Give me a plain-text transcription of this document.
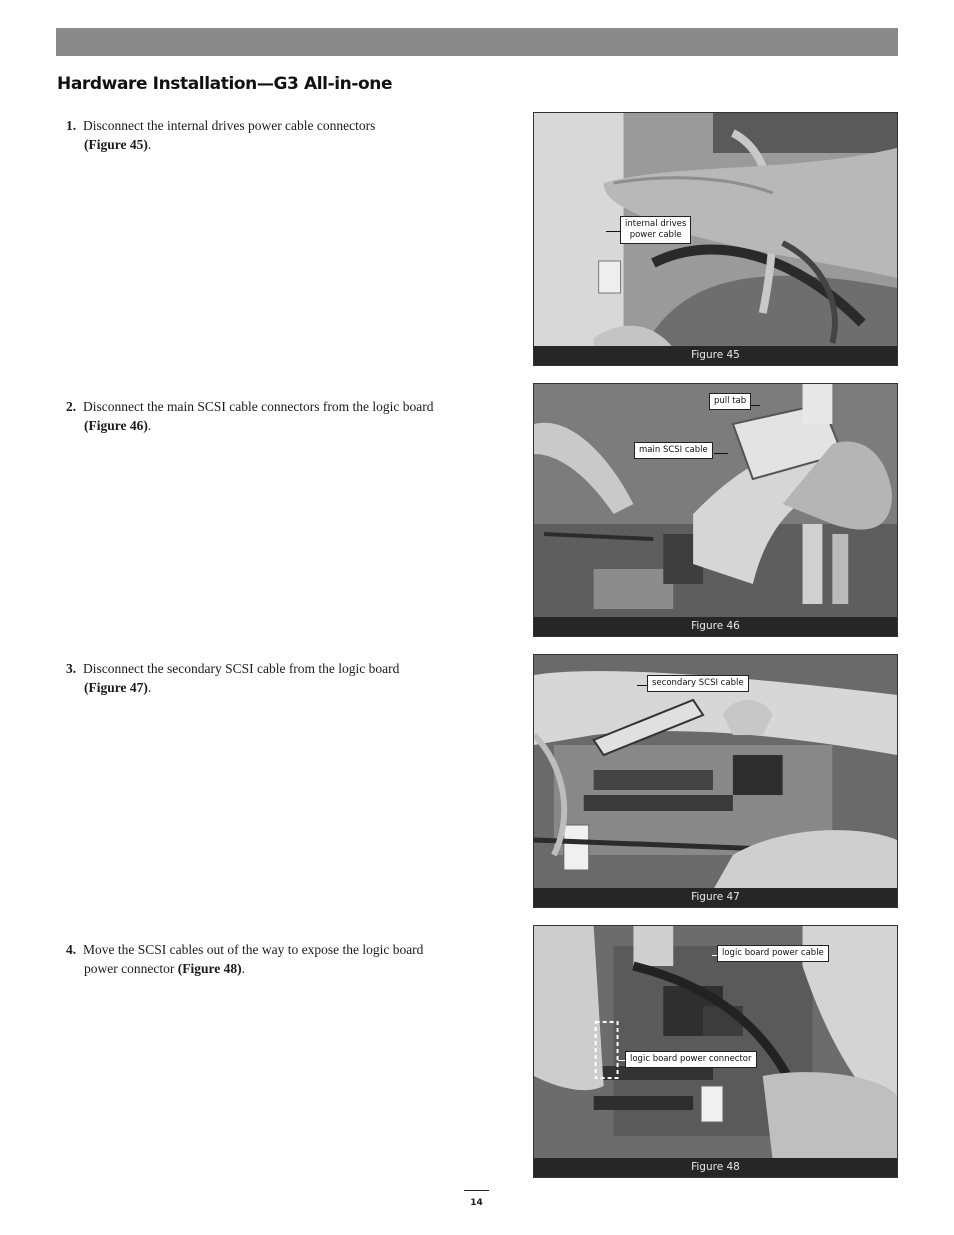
Hardware Installation—G3 All-in-one
1. Disconnect the internal drives power cable connectors
(Figure 45).
2. Disconnect the main SCSI cable connectors from the logic board
(Figure 46).
3. Disconnect the secondary SCSI cable from the logic board
(Figure 47).
4. Move the SCSI cables out of the way to expose the logic board
power connector (Figure 48).
internal drives
power cable
Figure 45
pull tab
main SCSI cable
Figure 46
secondary SCSI cable
Figure 47
logic board power cable
logic board power connector
Figure 48
14
